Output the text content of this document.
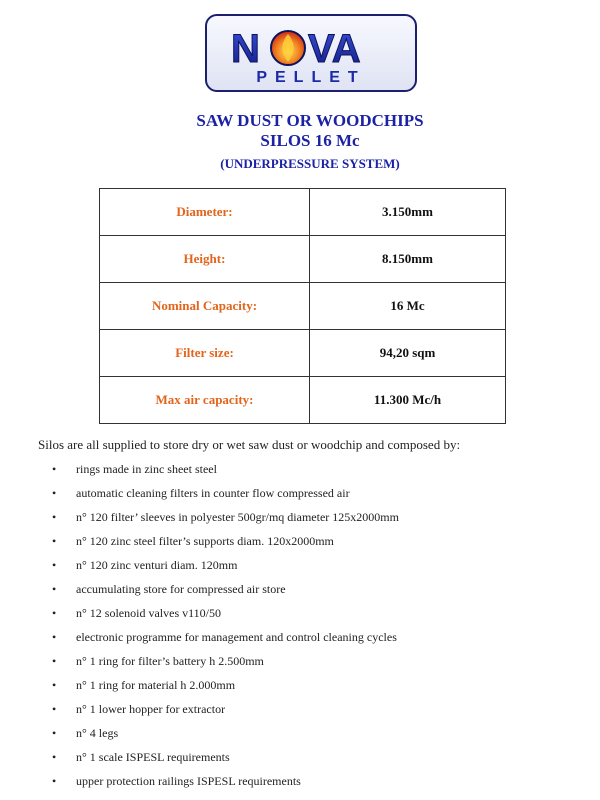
N VA
PELLET
SAW DUST OR WOODCHIPS
SILOS 16 Mc
(UNDERPRESSURE SYSTEM)
Diameter:	3.150mm
Height:	8.150mm
Nominal Capacity:	16 Mc
Filter size:	94,20 sqm
Max air capacity:	11.300 Mc/h
Silos are all supplied to store dry or wet saw dust or woodchip and composed by:
• rings made in zinc sheet steel
• automatic cleaning filters in counter flow compressed air
• n° 120 filter’ sleeves in polyester 500gr/mq diameter 125x2000mm
• n° 120 zinc steel filter’s supports diam. 120x2000mm
• n° 120 zinc venturi diam. 120mm
• accumulating store for compressed air store
• n° 12 solenoid valves v110/50
• electronic programme for management and control cleaning cycles
• n° 1 ring for filter’s battery h 2.500mm
• n° 1 ring for material h 2.000mm
• n° 1 lower hopper for extractor
• n° 4 legs
• n° 1 scale ISPESL requirements
• upper protection railings ISPESL requirements
